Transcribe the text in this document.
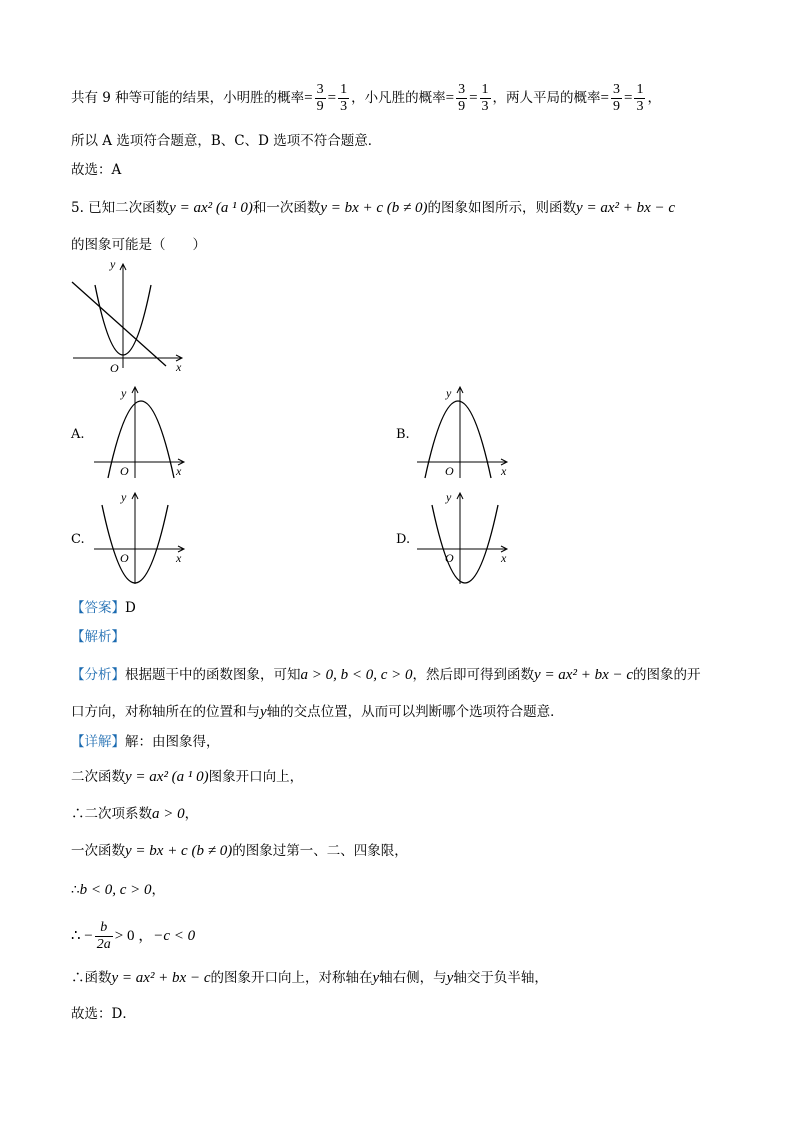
共有 9 种等可能的结果，小明胜的概率= $\frac{3}{9} = \frac{1}{3}$ ，小凡胜的概率= $\frac{3}{9} = \frac{1}{3}$ ，两人平局的概率= $\frac{3}{9} = \frac{1}{3}$ ，
所以 A 选项符合题意，B、C、D 选项不符合题意．
故选：A
5. 已知二次函数y = ax² (a ¹ 0)和一次函数y = bx + c (b ≠ 0)的图象如图所示，则函数y = ax² + bx − c
的图象可能是（　　）
y
x
O
A.
y
x
O
B.
y
x
O
C.
y
x
O
D.
y
x
O
【答案】D
【解析】
【分析】根据题干中的函数图象，可知a > 0, b < 0, c > 0，然后即可得到函数y = ax² + bx − c的图象的开
口方向，对称轴所在的位置和与y轴的交点位置，从而可以判断哪个选项符合题意．
【详解】解：由图象得，
二次函数y = ax² (a ¹ 0)图象开口向上，
∴二次项系数a > 0，
一次函数y = bx + c (b ≠ 0)的图象过第一、二、四象限，
∴b < 0, c > 0，
∴ − $\frac{b}{2a} > 0$ ，−c < 0
∴函数y = ax² + bx − c的图象开口向上，对称轴在y轴右侧，与y轴交于负半轴，
故选：D．
